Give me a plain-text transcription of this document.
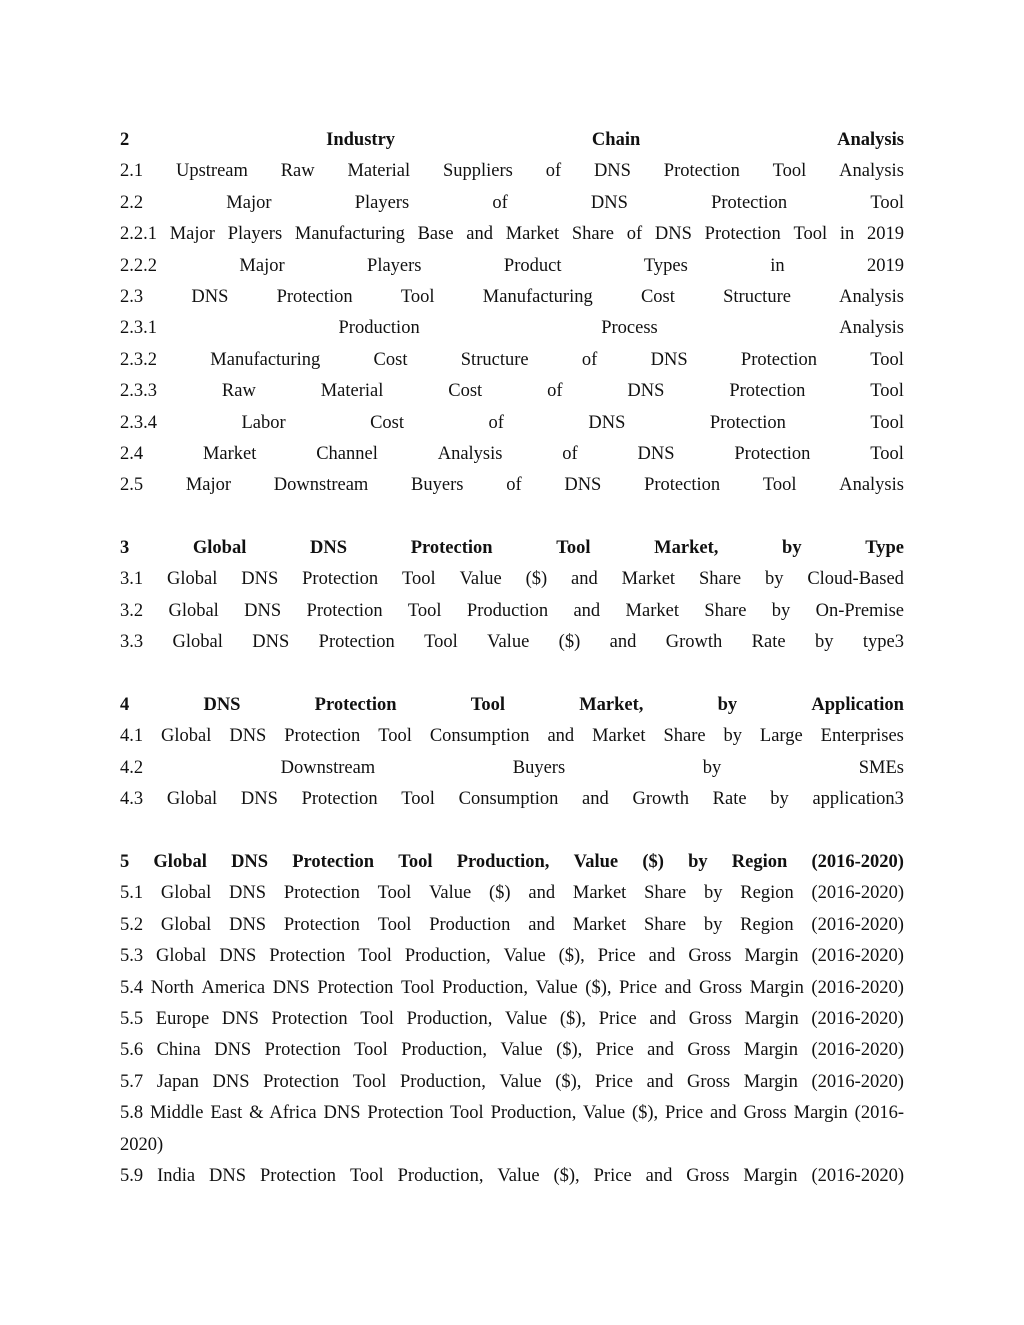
2	Industry	Chain	Analysis
2.1 Upstream Raw Material Suppliers of DNS Protection Tool Analysis
2.2	Major	Players	of	DNS	Protection	Tool
2.2.1 Major Players Manufacturing Base and Market Share of DNS Protection Tool in 2019
2.2.2	Major	Players	Product	Types	in	2019
2.3	DNS	Protection	Tool	Manufacturing	Cost	Structure	Analysis
2.3.1	Production	Process	Analysis
2.3.2	Manufacturing	Cost	Structure	of	DNS	Protection	Tool
2.3.3	Raw	Material	Cost	of	DNS	Protection	Tool
2.3.4	Labor	Cost	of	DNS	Protection	Tool
2.4	Market	Channel	Analysis	of	DNS	Protection	Tool
2.5 Major Downstream Buyers of DNS Protection Tool Analysis
3	Global	DNS	Protection	Tool	Market,	by	Type
3.1 Global DNS Protection Tool Value ($) and Market Share by Cloud-Based
3.2 Global DNS Protection Tool Production and Market Share by On-Premise
3.3 Global DNS Protection Tool Value ($) and Growth Rate by type3
4	DNS	Protection	Tool	Market,	by	Application
4.1 Global DNS Protection Tool Consumption and Market Share by Large Enterprises
4.2	Downstream	Buyers	by	SMEs
4.3 Global DNS Protection Tool Consumption and Growth Rate by application3
5 Global DNS Protection Tool Production, Value ($) by Region (2016-2020)
5.1 Global DNS Protection Tool Value ($) and Market Share by Region (2016-2020)
5.2 Global DNS Protection Tool Production and Market Share by Region (2016-2020)
5.3 Global DNS Protection Tool Production, Value ($), Price and Gross Margin (2016-2020)
5.4 North America DNS Protection Tool Production, Value ($), Price and Gross Margin (2016-2020)
5.5 Europe DNS Protection Tool Production, Value ($), Price and Gross Margin (2016-2020)
5.6 China DNS Protection Tool Production, Value ($), Price and Gross Margin (2016-2020)
5.7 Japan DNS Protection Tool Production, Value ($), Price and Gross Margin (2016-2020)
5.8 Middle East & Africa DNS Protection Tool Production, Value ($), Price and Gross Margin (2016-2020)
5.9 India DNS Protection Tool Production, Value ($), Price and Gross Margin (2016-2020)
